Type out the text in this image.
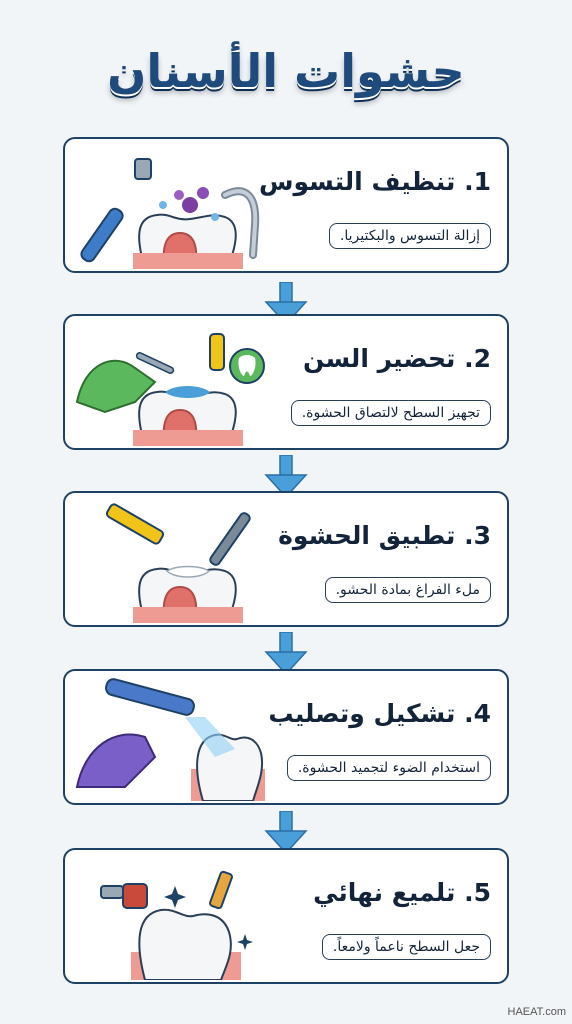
حشوات الأسنان
1. تنظيف التسوس
إزالة التسوس والبكتيريا.
2. تحضير السن
تجهيز السطح لالتصاق الحشوة.
3. تطبيق الحشوة
ملء الفراغ بمادة الحشو.
4. تشكيل وتصليب
استخدام الضوء لتجميد الحشوة.
5. تلميع نهائي
جعل السطح ناعماً ولامعاً.
HAEAT.com
